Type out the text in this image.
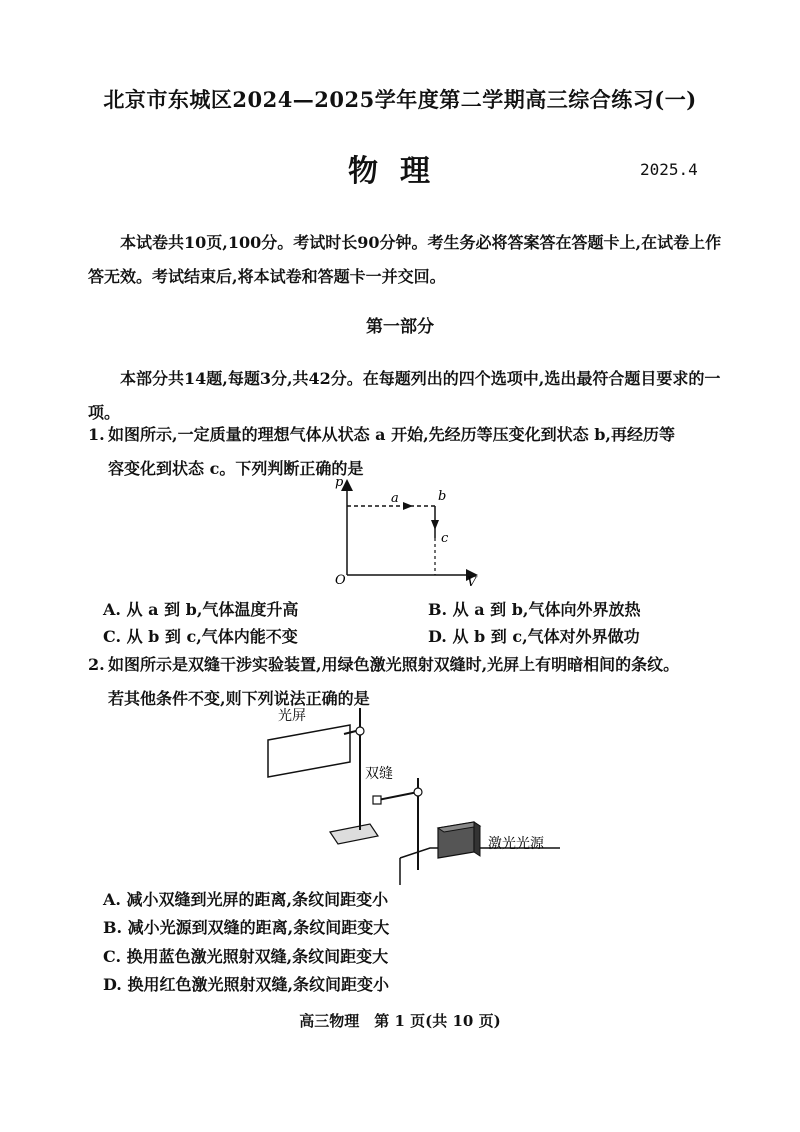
北京市东城区2024—2025学年度第二学期高三综合练习(一)
物理	2025.4
本试卷共10页,100分。考试时长90分钟。考生务必将答案答在答题卡上,在试卷上作答无效。考试结束后,将本试卷和答题卡一并交回。
第一部分
本部分共14题,每题3分,共42分。在每题列出的四个选项中,选出最符合题目要求的一项。
1. 如图所示,一定质量的理想气体从状态 a 开始,先经历等压变化到状态 b,再经历等
容变化到状态 c。下列判断正确的是
p
V
O
a	b
c
A. 从 a 到 b,气体温度升高	B. 从 a 到 b,气体向外界放热
C. 从 b 到 c,气体内能不变	D. 从 b 到 c,气体对外界做功
2. 如图所示是双缝干涉实验装置,用绿色激光照射双缝时,光屏上有明暗相间的条纹。
若其他条件不变,则下列说法正确的是
光屏
双缝
激光光源
A. 减小双缝到光屏的距离,条纹间距变小
B. 减小光源到双缝的距离,条纹间距变大
C. 换用蓝色激光照射双缝,条纹间距变大
D. 换用红色激光照射双缝,条纹间距变小
高三物理　第 1 页(共 10 页)
